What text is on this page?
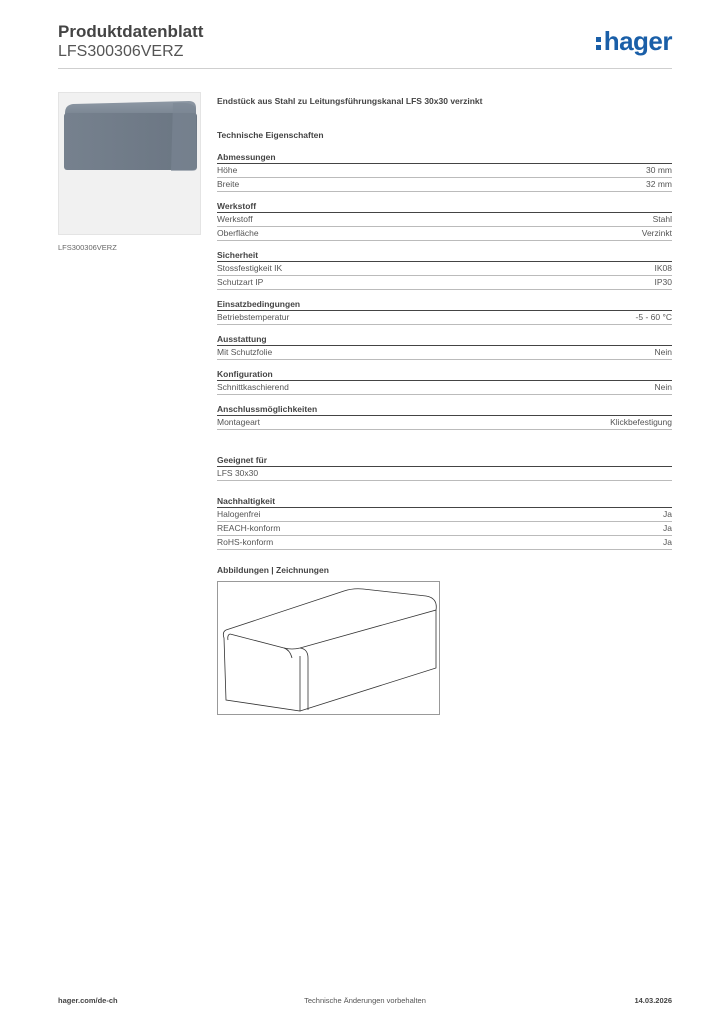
Produktdatenblatt
LFS300306VERZ	hager
LFS300306VERZ
Endstück aus Stahl zu Leitungsführungskanal LFS 30x30 verzinkt
Technische Eigenschaften
Abmessungen
Höhe	30 mm
Breite	32 mm
Werkstoff
Werkstoff	Stahl
Oberfläche	Verzinkt
Sicherheit
Stossfestigkeit IK	IK08
Schutzart IP	IP30
Einsatzbedingungen
Betriebstemperatur	-5 - 60 °C
Ausstattung
Mit Schutzfolie	Nein
Konfiguration
Schnittkaschierend	Nein
Anschlussmöglichkeiten
Montageart	Klickbefestigung
Geeignet für
LFS 30x30
Nachhaltigkeit
Halogenfrei	Ja
REACH-konform	Ja
RoHS-konform	Ja
Abbildungen | Zeichnungen
hager.com/de-ch	Technische Änderungen vorbehalten	14.03.2026
